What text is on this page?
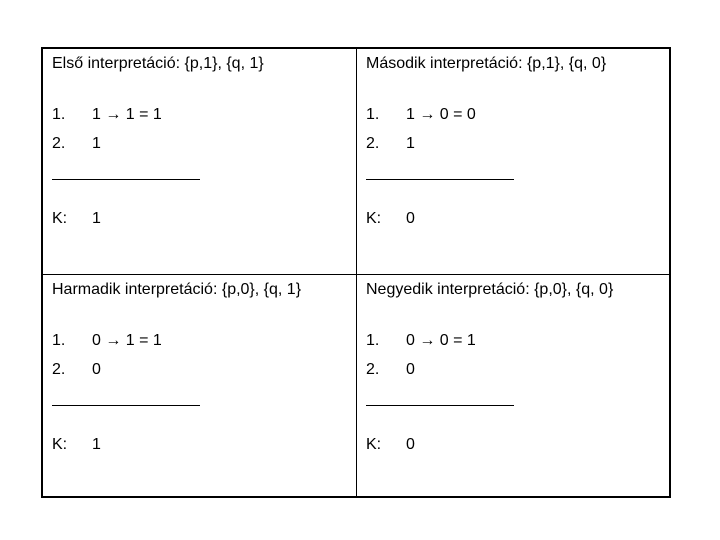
Első interpretáció: {p,1}, {q, 1}
1. 1 → 1 = 1
2. 1
K: 1
Második interpretáció: {p,1}, {q, 0}
1. 1 → 0 = 0
2. 1
K: 0
Harmadik interpretáció: {p,0}, {q, 1}
1. 0 → 1 = 1
2. 0
K: 1
Negyedik interpretáció: {p,0}, {q, 0}
1. 0 → 0 = 1
2. 0
K: 0
